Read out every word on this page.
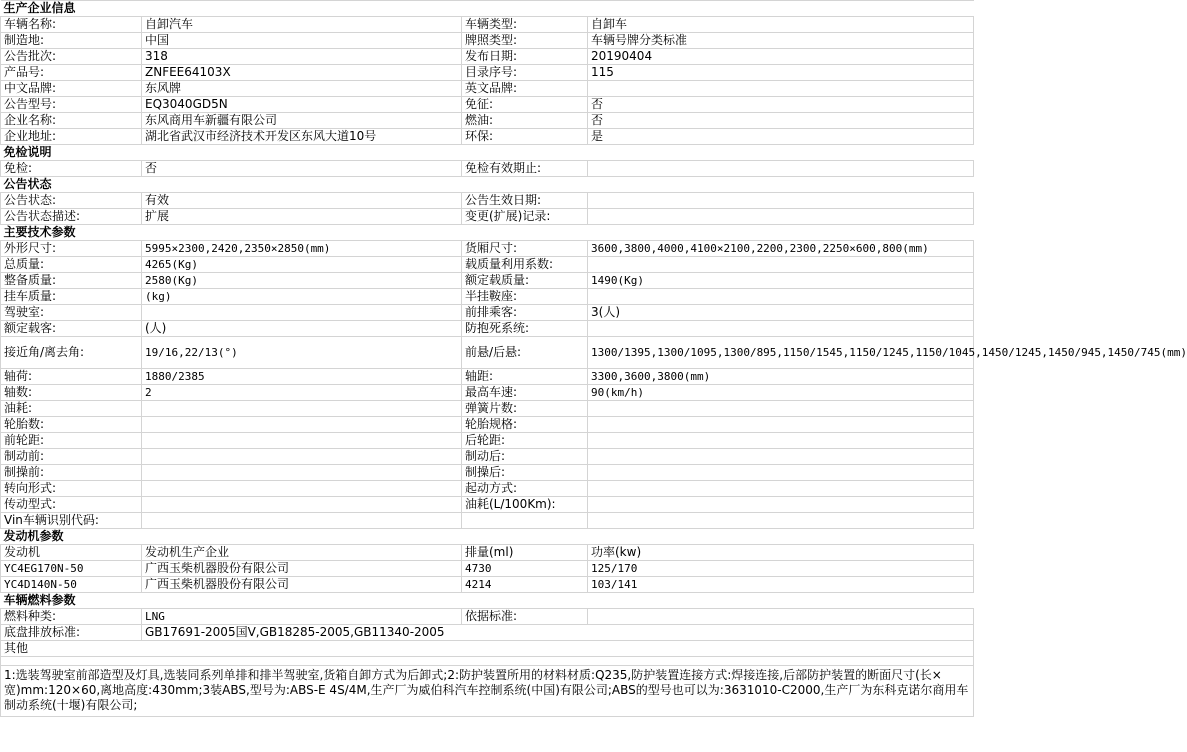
生产企业信息			
车辆名称:	自卸汽车	车辆类型:	自卸车
制造地:	中国	牌照类型:	车辆号牌分类标准
公告批次:	318	发布日期:	20190404
产品号:	ZNFEE64103X	目录序号:	115
中文品牌:	东风牌	英文品牌:	
公告型号:	EQ3040GD5N	免征:	否
企业名称:	东风商用车新疆有限公司	燃油:	否
企业地址:	湖北省武汉市经济技术开发区东风大道10号	环保:	是
免检说明			
免检:	否	免检有效期止:	
公告状态			
公告状态:	有效	公告生效日期:	
公告状态描述:	扩展	变更(扩展)记录:	
主要技术参数			
外形尺寸:	5995×2300,2420,2350×2850(mm)	货厢尺寸:	3600,3800,4000,4100×2100,2200,2300,2250×600,800(mm)
总质量:	4265(Kg)	载质量利用系数:	
整备质量:	2580(Kg)	额定载质量:	1490(Kg)
挂车质量:	(kg)	半挂鞍座:	
驾驶室:		前排乘客:	3(人)
额定载客:	(人)	防抱死系统:	
接近角/离去角:	19/16,22/13(°)	前悬/后悬:	1300/1395,1300/1095,1300/895,1150/1545,1150/1245,1150/1045,1450/1245,1450/945,1450/745(mm)
轴荷:	1880/2385	轴距:	3300,3600,3800(mm)
轴数:	2	最高车速:	90(km/h)
油耗:		弹簧片数:	
轮胎数:		轮胎规格:	
前轮距:		后轮距:	
制动前:		制动后:	
制操前:		制操后:	
转向形式:		起动方式:	
传动型式:		油耗(L/100Km):	
Vin车辆识别代码:			
发动机参数			
发动机	发动机生产企业	排量(ml)	功率(kw)
YC4EG170N-50	广西玉柴机器股份有限公司	4730	125/170
YC4D140N-50	广西玉柴机器股份有限公司	4214	103/141
车辆燃料参数			
燃料种类:	LNG	依据标准:	
底盘排放标准:	GB17691-2005国Ⅴ,GB18285-2005,GB11340-2005		
其他			

1:选装驾驶室前部造型及灯具,选装同系列单排和排半驾驶室,货箱自卸方式为后卸式;2:防护装置所用的材料材质:Q235,防护装置连接方式:焊接连接,后部防护装置的断面尺寸(长×宽)mm:120×60,离地高度:430mm;3装ABS,型号为:ABS-E 4S/4M,生产厂为威伯科汽车控制系统(中国)有限公司;ABS的型号也可以为:3631010-C2000,生产厂为东科克诺尔商用车制动系统(十堰)有限公司;			
